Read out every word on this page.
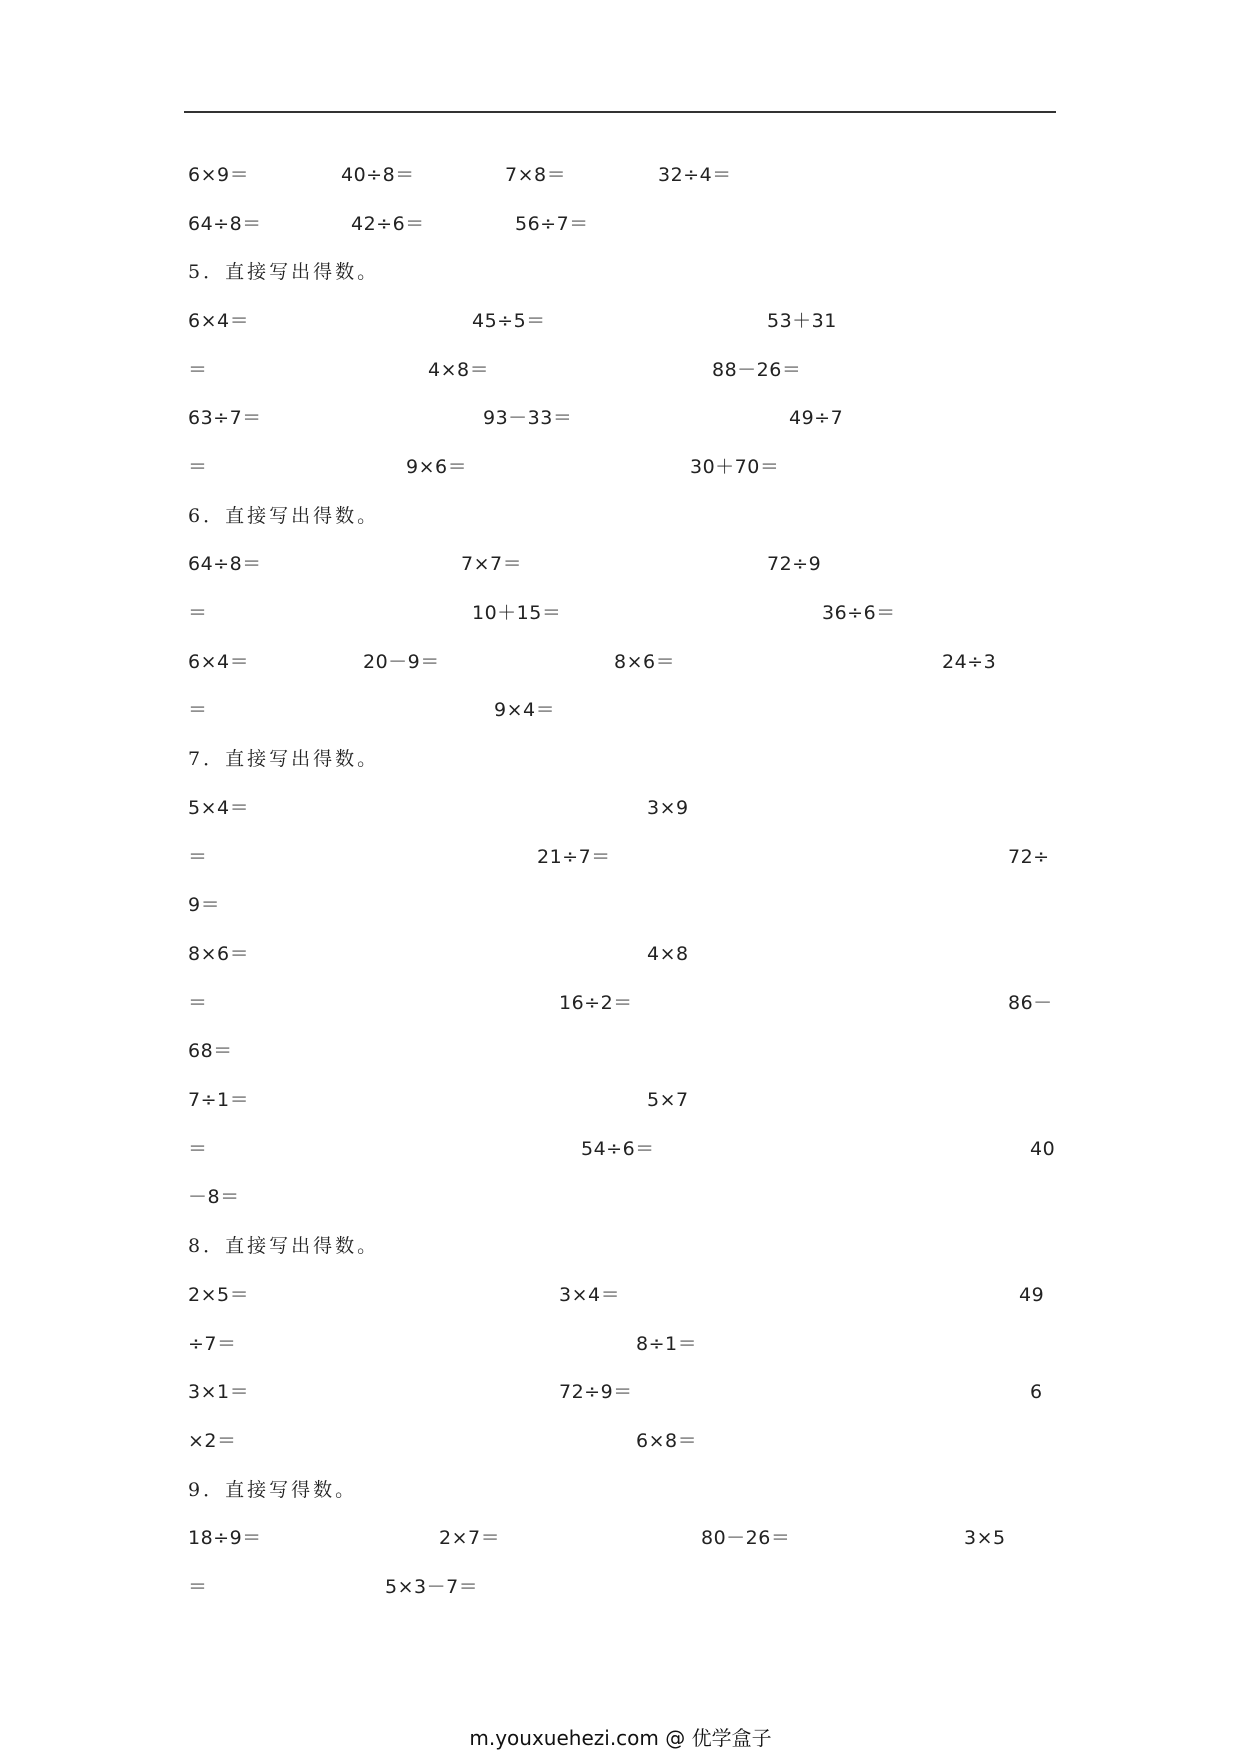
6×9＝	40÷8＝	7×8＝	32÷4＝
64÷8＝	42÷6＝	56÷7＝
5．直接写出得数。
6×4＝	45÷5＝	53＋31
＝	4×8＝	88－26＝
63÷7＝	93－33＝	49÷7
＝	9×6＝	30＋70＝
6．直接写出得数。
64÷8＝	7×7＝	72÷9
＝	10＋15＝	36÷6＝
6×4＝	20－9＝	8×6＝	24÷3
＝	9×4＝
7．直接写出得数。
5×4＝	3×9
＝	21÷7＝	72÷
9＝
8×6＝	4×8
＝	16÷2＝	86－
68＝
7÷1＝	5×7
＝	54÷6＝	40
－8＝
8．直接写出得数。
2×5＝	3×4＝	49
÷7＝	8÷1＝
3×1＝	72÷9＝	6
×2＝	6×8＝
9．直接写得数。
18÷9＝	2×7＝	80－26＝	3×5
＝	5×3－7＝
m.youxuehezi.com @ 优学盒子
